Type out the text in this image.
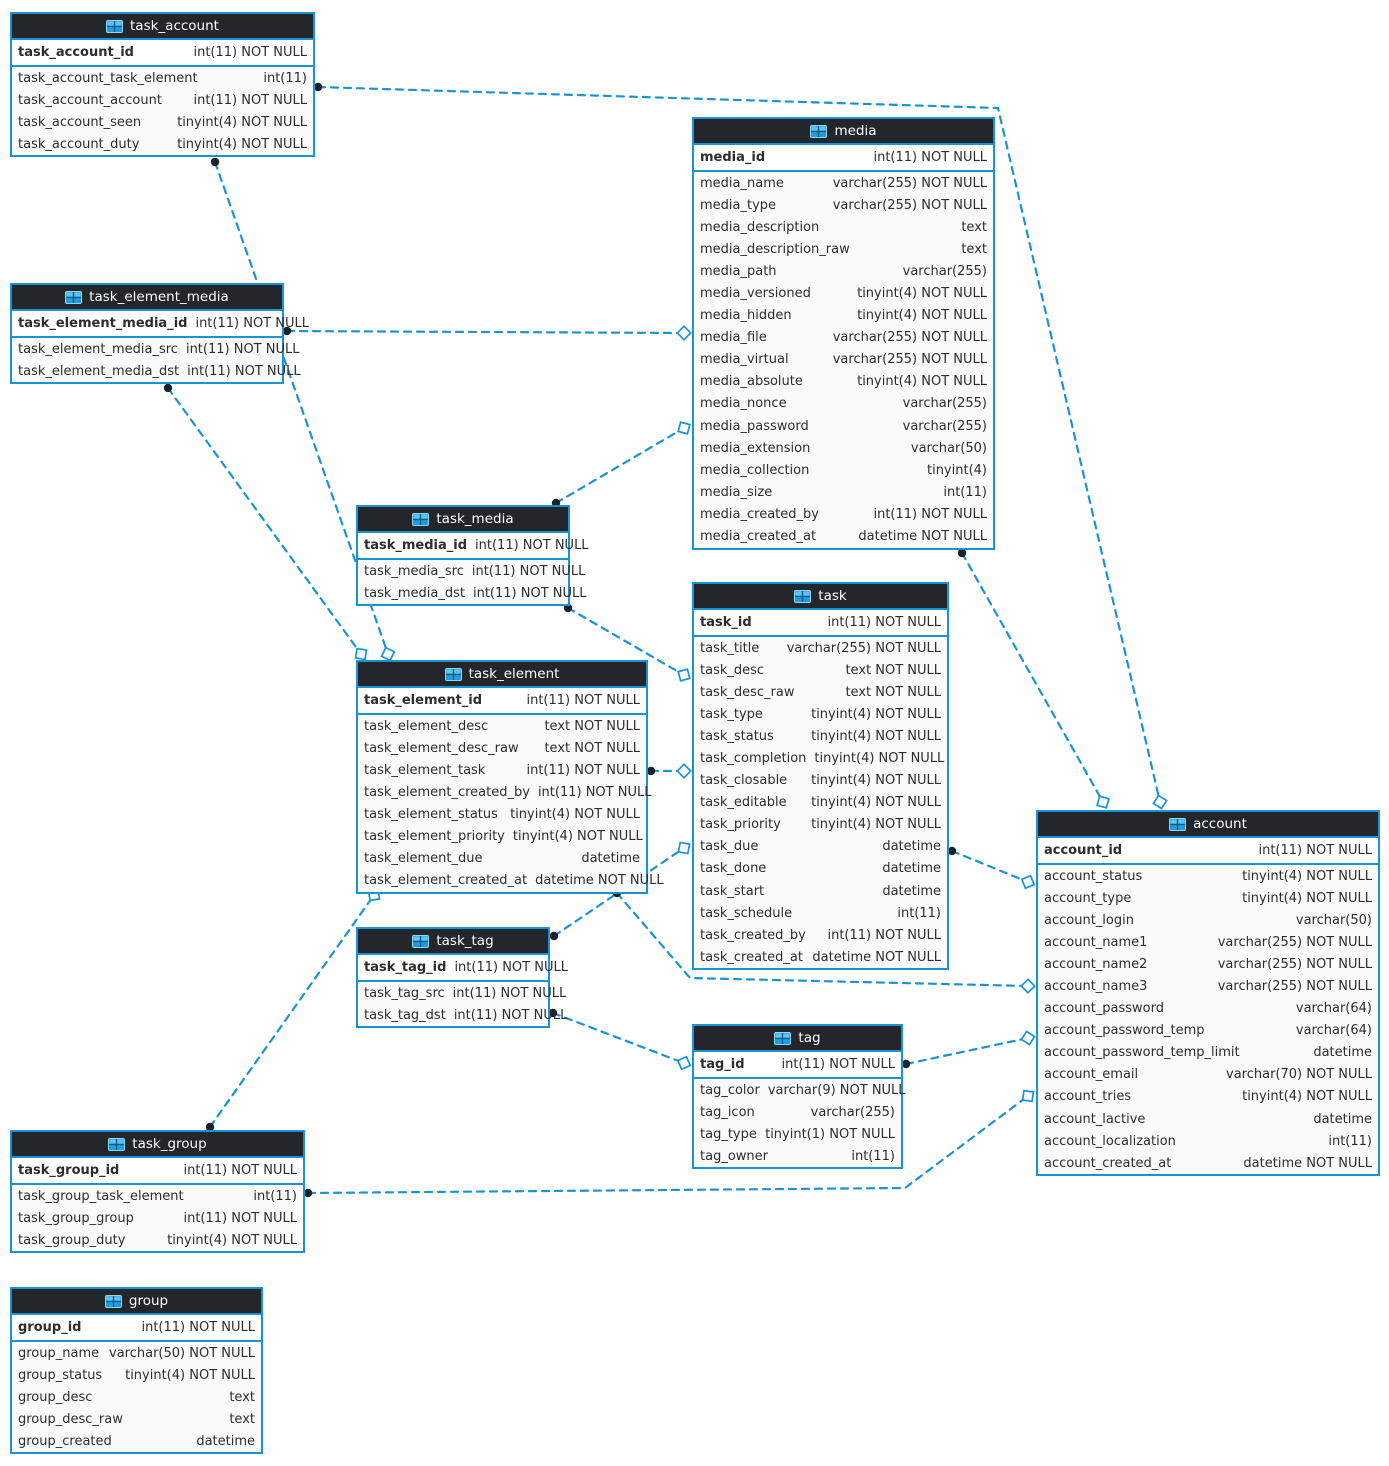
task_account
task_account_id	int(11) NOT NULL
task_account_task_element	int(11)
task_account_account int(11) NOT NULL
task_account_seen	tinyint(4) NOT NULL
task_account_duty	tinyint(4) NOT NULL
task_element_media
task_element_media_id int(11) NOT NULL
task_element_media_src int(11) NOT NULL
task_element_media_dst int(11) NOT NULL
media
media_id	int(11) NOT NULL
media_name	varchar(255) NOT NULL
media_type	varchar(255) NOT NULL
media_description	text
media_description_raw	text
media_path	varchar(255)
media_versioned	tinyint(4) NOT NULL
media_hidden	tinyint(4) NOT NULL
media_file	varchar(255) NOT NULL
media_virtual	varchar(255) NOT NULL
media_absolute	tinyint(4) NOT NULL
media_nonce	varchar(255)
media_password	varchar(255)
media_extension	varchar(50)
media_collection	tinyint(4)
media_size	int(11)
media_created_by	int(11) NOT NULL
media_created_at	datetime NOT NULL
task_media
task_media_id int(11) NOT NULL
task_media_src int(11) NOT NULL
task_media_dst int(11) NOT NULL
task_element
task_element_id	int(11) NOT NULL
task_element_desc	text NOT NULL
task_element_desc_raw text NOT NULL
task_element_task	int(11) NOT NULL
task_element_created_by int(11) NOT NULL
task_element_status tinyint(4) NOT NULL
task_element_priority tinyint(4) NOT NULL
task_element_due	datetime
task_element_created_at datetime NOT NULL
task
task_id	int(11) NOT NULL
task_title varchar(255) NOT NULL
task_desc	text NOT NULL
task_desc_raw	text NOT NULL
task_type	tinyint(4) NOT NULL
task_status	tinyint(4) NOT NULL
task_completion tinyint(4) NOT NULL
task_closable tinyint(4) NOT NULL
task_editable tinyint(4) NOT NULL
task_priority tinyint(4) NOT NULL
task_due	datetime
task_done	datetime
task_start	datetime
task_schedule	int(11)
task_created_by int(11) NOT NULL
task_created_at datetime NOT NULL
task_tag
task_tag_id int(11) NOT NULL
task_tag_src int(11) NOT NULL
task_tag_dst int(11) NOT NULL
tag
tag_id	int(11) NOT NULL
tag_color varchar(9) NOT NULL
tag_icon	varchar(255)
tag_type tinyint(1) NOT NULL
tag_owner	int(11)
task_group
task_group_id	int(11) NOT NULL
task_group_task_element	int(11)
task_group_group	int(11) NOT NULL
task_group_duty	tinyint(4) NOT NULL
group
group_id	int(11) NOT NULL
group_name varchar(50) NOT NULL
group_status tinyint(4) NOT NULL
group_desc	text
group_desc_raw	text
group_created	datetime
account
account_id	int(11) NOT NULL
account_status	tinyint(4) NOT NULL
account_type	tinyint(4) NOT NULL
account_login	varchar(50)
account_name1	varchar(255) NOT NULL
account_name2	varchar(255) NOT NULL
account_name3	varchar(255) NOT NULL
account_password	varchar(64)
account_password_temp	varchar(64)
account_password_temp_limit	datetime
account_email	varchar(70) NOT NULL
account_tries	tinyint(4) NOT NULL
account_lactive	datetime
account_localization	int(11)
account_created_at	datetime NOT NULL
